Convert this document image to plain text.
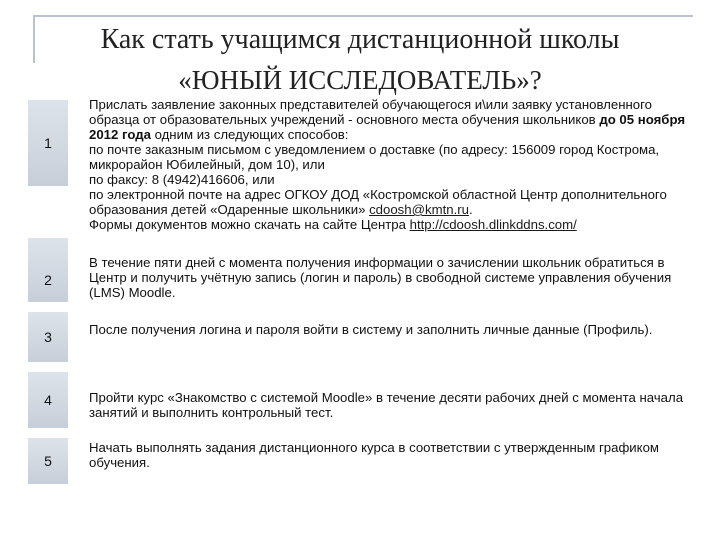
Как стать учащимся дистанционной школы
«ЮНЫЙ ИССЛЕДОВАТЕЛЬ»?
1

Прислать заявление законных представителей обучающегося и\или заявку установленного образца от образовательных учреждений - основного места обучения школьников до 05 ноября 2012 года одним из следующих способов:

по почте заказным письмом с уведомлением о доставке (по адресу: 156009 город Кострома, микрорайон Юбилейный, дом 10), или

по факсу: 8 (4942)416606, или

по электронной почте на адрес ОГКОУ ДОД «Костромской областной Центр дополнительного образования детей «Одаренные школьники» cdoosh@kmtn.ru.

Формы документов можно скачать на сайте Центра http://cdoosh.dlinkddns.com/

2
В течение пяти дней с момента получения информации о зачислении школьник обратиться в Центр и получить учётную запись (логин и пароль) в свободной системе управления обучения (LMS) Moodle.
3	После получения логина и пароля войти в систему и заполнить личные данные (Профиль).
4	Пройти курс «Знакомство с системой Moodle» в течение десяти рабочих дней с момента начала занятий и выполнить контрольный тест.
5
Начать выполнять задания дистанционного курса в соответствии с утвержденным графиком обучения.
